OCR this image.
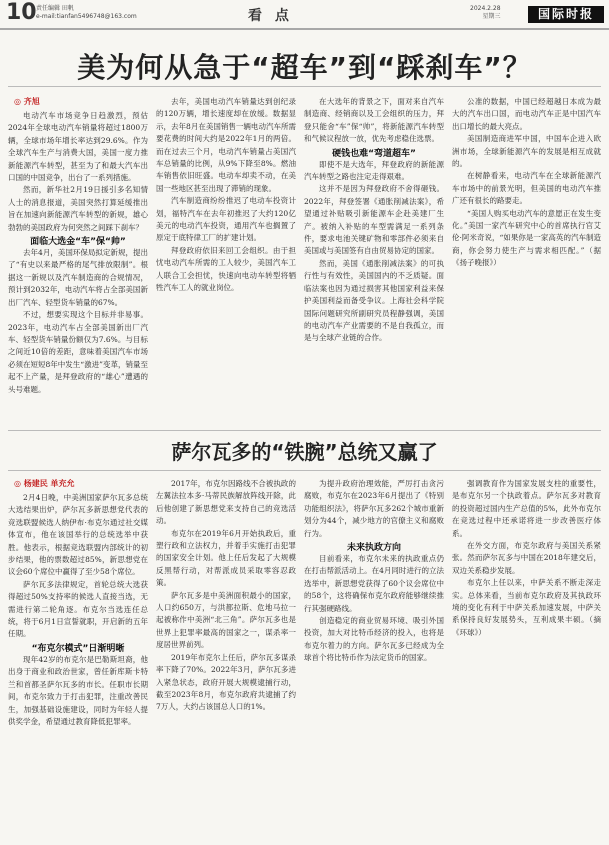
10 责任编辑 田帆
e-mail:tianfan5496748@163.com	看 点	2024.2.28
星期三	国际时报
美为何从急于“超车”到“踩刹车”？
◎ 齐旭

电动汽车市场竞争日趋激烈，预估2024年全球电动汽车销量将超过1800万辆，全球市场年增长率达到29.6%。作为全球汽车生产与消费大国，美国一度力推新能源汽车转型，甚至为了和最大汽车出口国的中国竞争，出台了一系列措施。

然而，新华社2月19日援引多名知情人士的消息报道，美国突然打算延缓推出旨在加速向新能源汽车转型的新规，雄心勃勃的美国政府为何突然之间踩下刹车？

面临大选金“车”保“帅”

去年4月，美国环保局拟定新规，提出了“有史以来最严格的尾气排放限制”。根据这一新规以及汽车制造商的合规情况，预计到2032年，电动汽车将占全部美国新出厂汽车、轻型货车销量的67%。

不过，想要实现这个目标并非易事。2023年，电动汽车占全部美国新出厂汽车、轻型货车销量份额仅为7.6%。与目标之间近10倍的差距，意味着美国汽车市场必须在短短8年中发生“激进”变革，销量至起不上产量，是拜登政府的“雄心”遭遇的头号难题。

去年，美国电动汽车销量达到创纪录的120万辆，增长速度却在放缓。数据显示，去年8月在美国销售一辆电动汽车所需要花费的时间大约是2022年1月的两倍。而在过去三个月，电动汽车销量占美国汽车总销量的比例，从9%下降至8%。燃油车销售依旧旺盛。电动车却卖不动，在美国一些地区甚至出现了滞销的现象。

汽车制造商纷纷推迟了电动车投资计划，福特汽车在去年初推迟了大约120亿美元的电动汽车投资，通用汽车也搁置了原定于底特律工厂的扩建计划。

拜登政府依旧来回工会组织。由于担忧电动汽车所需的工人较少，美国汽车工人联合工会担忧，快速向电动车转型将牺牲汽车工人的就业岗位。

在大选年的背景之下，面对来自汽车制造商、经销商以及工会组织的压力，拜登只能舍“车”保“帅”，将新能源汽车转型和气候议程放一放，优先考虑稳住选票。

硬钱也难“弯道超车”

即使不是大选年，拜登政府的新能源汽车转型之路也注定走得艰难。

这并不是因为拜登政府不舍得砸钱。2022年，拜登签署《通胀削减法案》，希望通过补贴吸引新能源车企赴美建厂生产。被纳入补贴的车型需满足一系列条件，要求电池关键矿物和零部件必须来自美国或与美国签有自由贸易协定的国家。

然而，美国《通胀削减法案》的可执行性与有效性，美国国内的不乏质疑。面临法案也因为通过损害其他国家利益来保护美国利益而备受争议。上海社会科学院国际问题研究所副研究员程静强调，美国的电动汽车产业需要的不是自我孤立，而是与全球产业链的合作。

公准的数据，中国已经超越日本成为最大的汽车出口国，而电动汽车正是中国汽车出口增长的最大亮点。

美国制造商进军中国，中国车企进入欧洲市场，全球新能源汽车的发展是相互成就的。

在树静看来，电动汽车在全球新能源汽车市场中的前景光明，但美国的电动汽车推广还有很长的路要走。

“美国人购买电动汽车的意愿正在发生变化。”美国一家汽车研究中心的首席执行官艾伦·阿米奇说，“如果你是一家高英的汽车制造商，你会努力使生产与需求相匹配。”（据《扬子晚报》）

萨尔瓦多的“铁腕”总统又赢了
◎ 杨建民 单充允

2月4日晚，中美洲国家萨尔瓦多总统大选结果出炉，萨尔瓦多新思想党代表的竞选联盟候选人纳伊布·布克尔通过社交媒体宣布，他在该国举行的总统选举中获胜。他表示，根据竞选联盟内部统计的初步结果，他的票数超过85%，新思想党在议会60个席位中赢得了至少58个席位。

萨尔瓦多法律规定，首轮总统大选获得超过50%支持率的候选人直接当选，无需进行第二轮角逐。布克尔当选连任总统，将于6月1日宣誓就职，开启新的五年任期。

“布克尔模式”日渐明晰

现年42岁的布克尔是巴勒斯坦裔，他出身于商业和政治世家，曾任新库斯卡特兰和首都圣萨尔瓦多的市长。任职市长期间，布克尔致力于打击犯罪，注重改善民生，加强基础设施建设，同时为年轻人提供奖学金，希望通过教育降低犯罪率。

2017年，布克尔因路线不合被执政的左翼法拉本多·马蒂民族解放阵线开除，此后他创建了新思想党来支持自己的竞选活动。

布克尔在2019年6月开始执政后，重塑行政和立法权力，并着手实施打击犯罪的国家安全计划。他上任后发起了大规模反黑帮行动，对帮派成员采取零容忍政策。

萨尔瓦多是中美洲面积最小的国家，人口约650万，与洪都拉斯、危地马拉一起被称作中美洲“北三角”。萨尔瓦多也是世界上犯罪率最高的国家之一，谋杀率一度居世界前列。

2019年布克尔上任后，萨尔瓦多谋杀率下降了70%。2022年3月，萨尔瓦多进入紧急状态，政府开展大规模逮捕行动，截至2023年8月，布克尔政府共逮捕了约7万人，大约占该国总人口的1%。

为提升政府治理效能，严厉打击贪污腐败，布克尔在2023年6月提出了《特别功能组织法》，将萨尔瓦多262个城市重新划分为44个，减少地方的官僚主义和腐败行为。

未来执政方向

目前看来，布克尔未来的执政重点仍在打击帮派活动上。在4月同时进行的立法选举中，新思想党获得了60个议会席位中的58个，这将确保布克尔政府能够继续推行其强硬路线。

创造稳定的商业贸易环境、吸引外国投资，加大对比特币经济的投入，也将是布克尔着力的方向。萨尔瓦多已经成为全球首个将比特币作为法定货币的国家。

强调教育作为国家发展支柱的重要性，是布克尔另一个执政着点。萨尔瓦多对教育的投资超过国内生产总值的5%，此外布克尔在竞选过程中还承诺将进一步改善医疗体系。

在外交方面，布克尔政府与美国关系紧张。然而萨尔瓦多与中国在2018年建交后，双边关系稳步发展。

布克尔上任以来，中萨关系不断走深走实。总体来看，当前布克尔政府及其执政环境的变化有利于中萨关系加速发展，中萨关系保持良好发展势头，互利成果丰硕。（摘《环球》）
